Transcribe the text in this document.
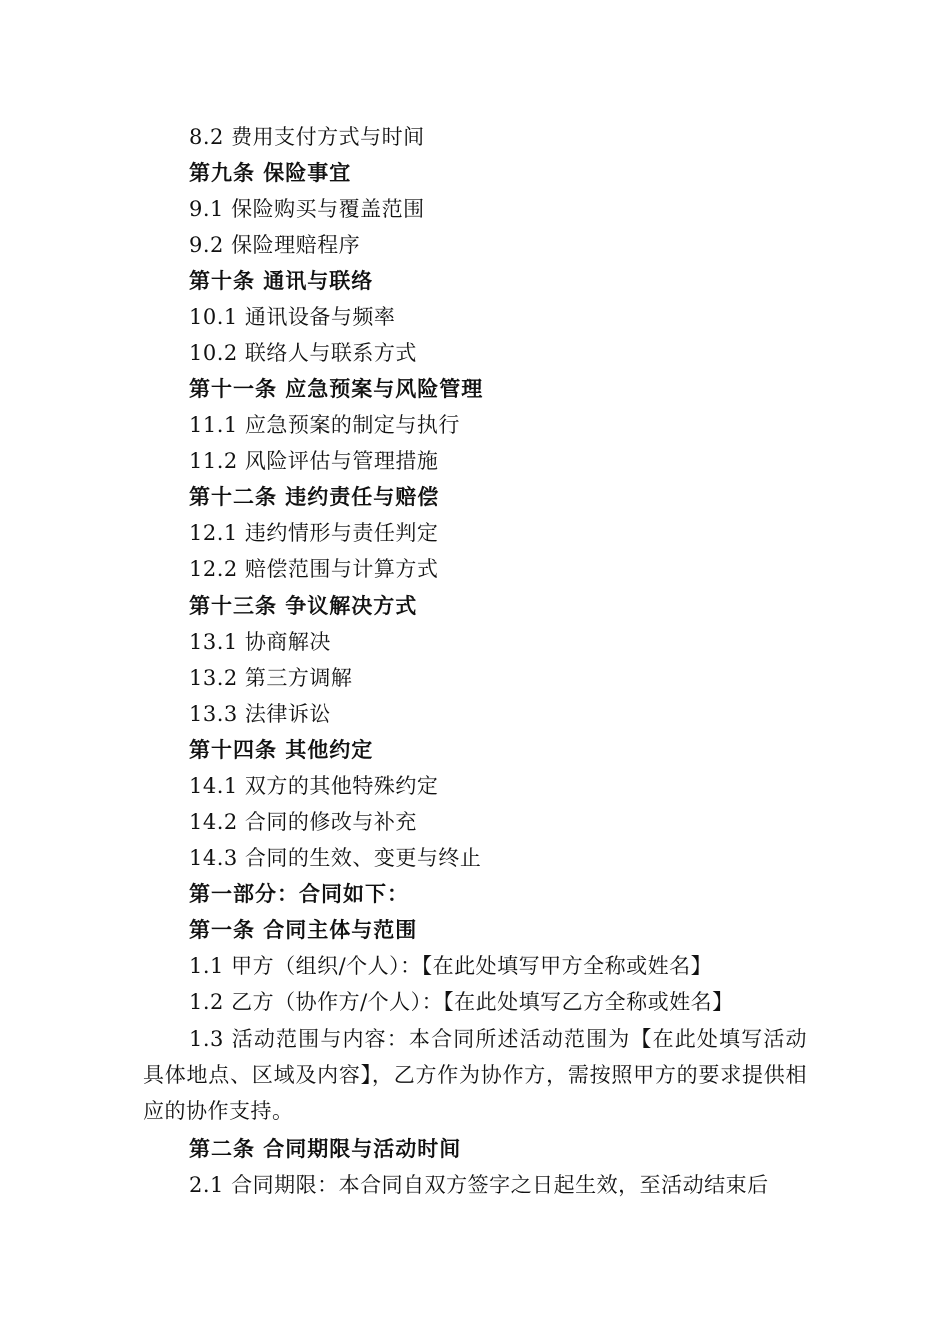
8.2 费用支付方式与时间
第九条 保险事宜
9.1 保险购买与覆盖范围
9.2 保险理赔程序
第十条 通讯与联络
10.1 通讯设备与频率
10.2 联络人与联系方式
第十一条 应急预案与风险管理
11.1 应急预案的制定与执行
11.2 风险评估与管理措施
第十二条 违约责任与赔偿
12.1 违约情形与责任判定
12.2 赔偿范围与计算方式
第十三条 争议解决方式
13.1 协商解决
13.2 第三方调解
13.3 法律诉讼
第十四条 其他约定
14.1 双方的其他特殊约定
14.2 合同的修改与补充
14.3 合同的生效、变更与终止
第一部分：合同如下：
第一条 合同主体与范围
1.1 甲方（组织/个人）：【在此处填写甲方全称或姓名】
1.2 乙方（协作方/个人）：【在此处填写乙方全称或姓名】
1.3 活动范围与内容：本合同所述活动范围为【在此处填写活动具体地点、区域及内容】，乙方作为协作方，需按照甲方的要求提供相应的协作支持。
第二条 合同期限与活动时间
2.1 合同期限：本合同自双方签字之日起生效，至活动结束后
